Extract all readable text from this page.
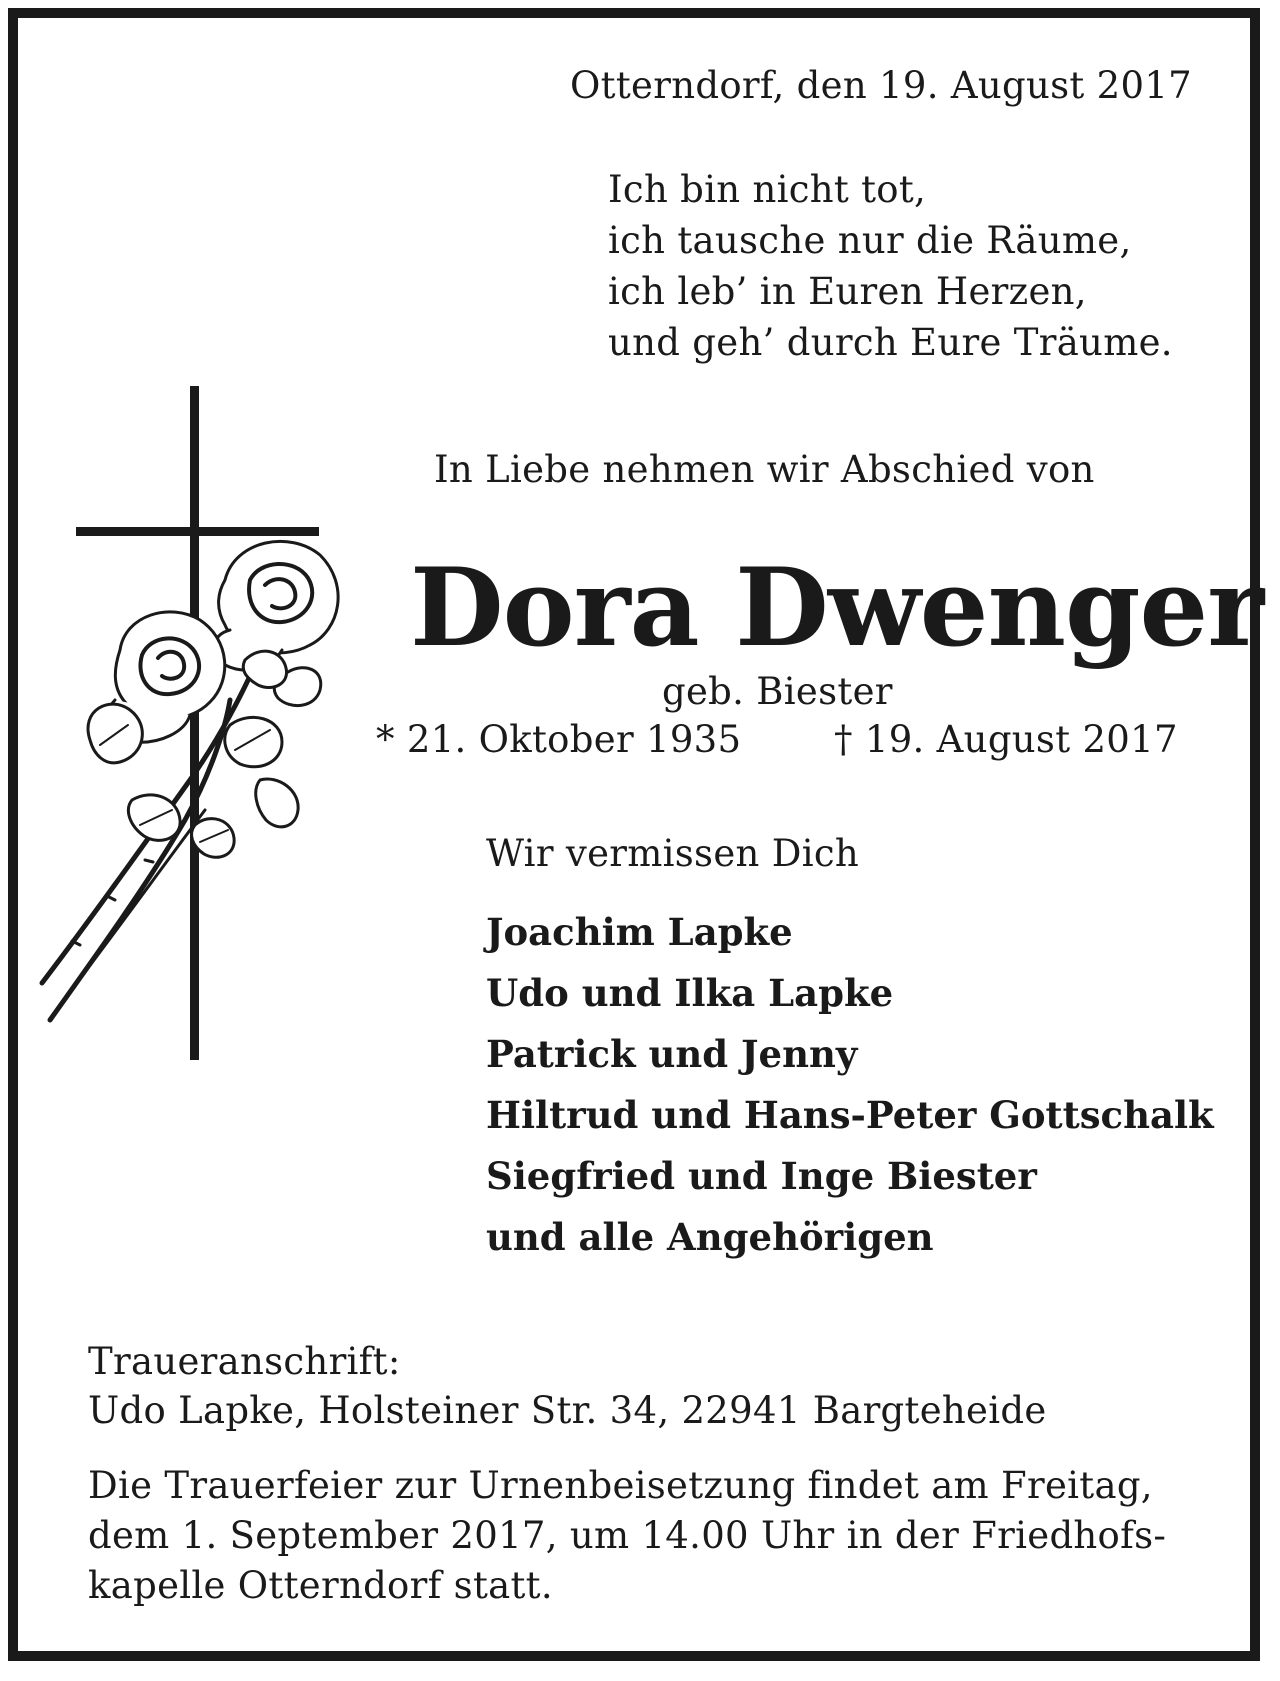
Otterndorf, den 19. August 2017

Ich bin nicht tot,
ich tausche nur die Räume,
ich leb’ in Euren Herzen,
und geh’ durch Eure Träume.

In Liebe nehmen wir Abschied von

Dora Dwenger

geb. Biester

* 21. Oktober 1935	† 19. August 2017

Wir vermissen Dich

Joachim Lapke
Udo und Ilka Lapke
Patrick und Jenny
Hiltrud und Hans-Peter Gottschalk
Siegfried und Inge Biester
und alle Angehörigen

Traueranschrift:

Udo Lapke, Holsteiner Str. 34, 22941 Bargteheide

Die Trauerfeier zur Urnenbeisetzung findet am Freitag,
dem 1. September 2017, um 14.00 Uhr in der Friedhofs-
kapelle Otterndorf statt.
